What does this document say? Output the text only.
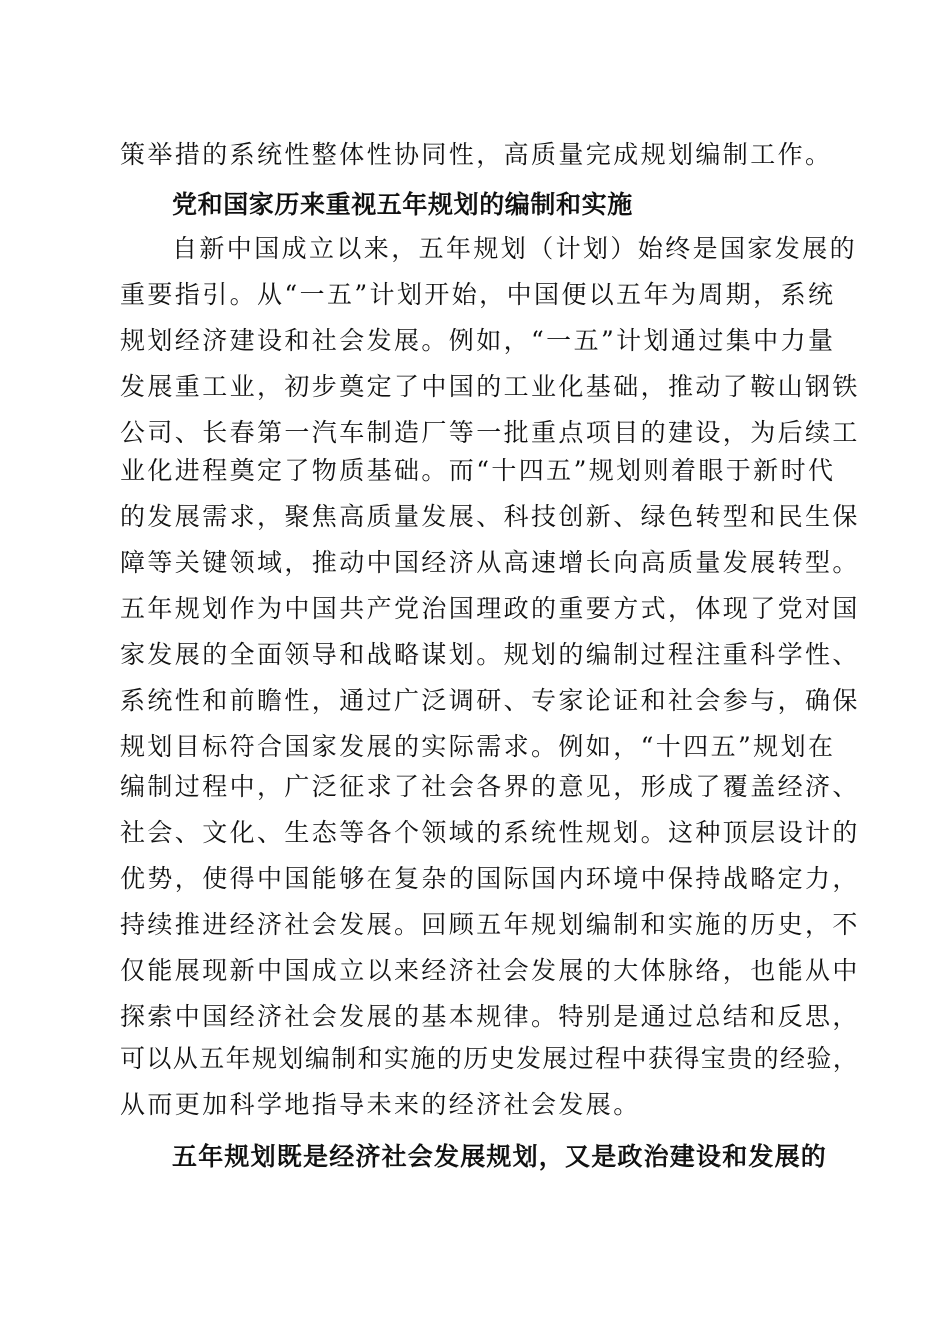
策举措的系统性整体性协同性，高质量完成规划编制工作。
党和国家历来重视五年规划的编制和实施
自新中国成立以来，五年规划（计划）始终是国家发展的
重要指引。从“一五”计划开始，中国便以五年为周期，系统
规划经济建设和社会发展。例如，“一五”计划通过集中力量
发展重工业，初步奠定了中国的工业化基础，推动了鞍山钢铁
公司、长春第一汽车制造厂等一批重点项目的建设，为后续工
业化进程奠定了物质基础。而“十四五”规划则着眼于新时代
的发展需求，聚焦高质量发展、科技创新、绿色转型和民生保
障等关键领域，推动中国经济从高速增长向高质量发展转型。
五年规划作为中国共产党治国理政的重要方式，体现了党对国
家发展的全面领导和战略谋划。规划的编制过程注重科学性、
系统性和前瞻性，通过广泛调研、专家论证和社会参与，确保
规划目标符合国家发展的实际需求。例如，“十四五”规划在
编制过程中，广泛征求了社会各界的意见，形成了覆盖经济、
社会、文化、生态等各个领域的系统性规划。这种顶层设计的
优势，使得中国能够在复杂的国际国内环境中保持战略定力，
持续推进经济社会发展。回顾五年规划编制和实施的历史，不
仅能展现新中国成立以来经济社会发展的大体脉络，也能从中
探索中国经济社会发展的基本规律。特别是通过总结和反思，
可以从五年规划编制和实施的历史发展过程中获得宝贵的经验，
从而更加科学地指导未来的经济社会发展。
五年规划既是经济社会发展规划，又是政治建设和发展的
